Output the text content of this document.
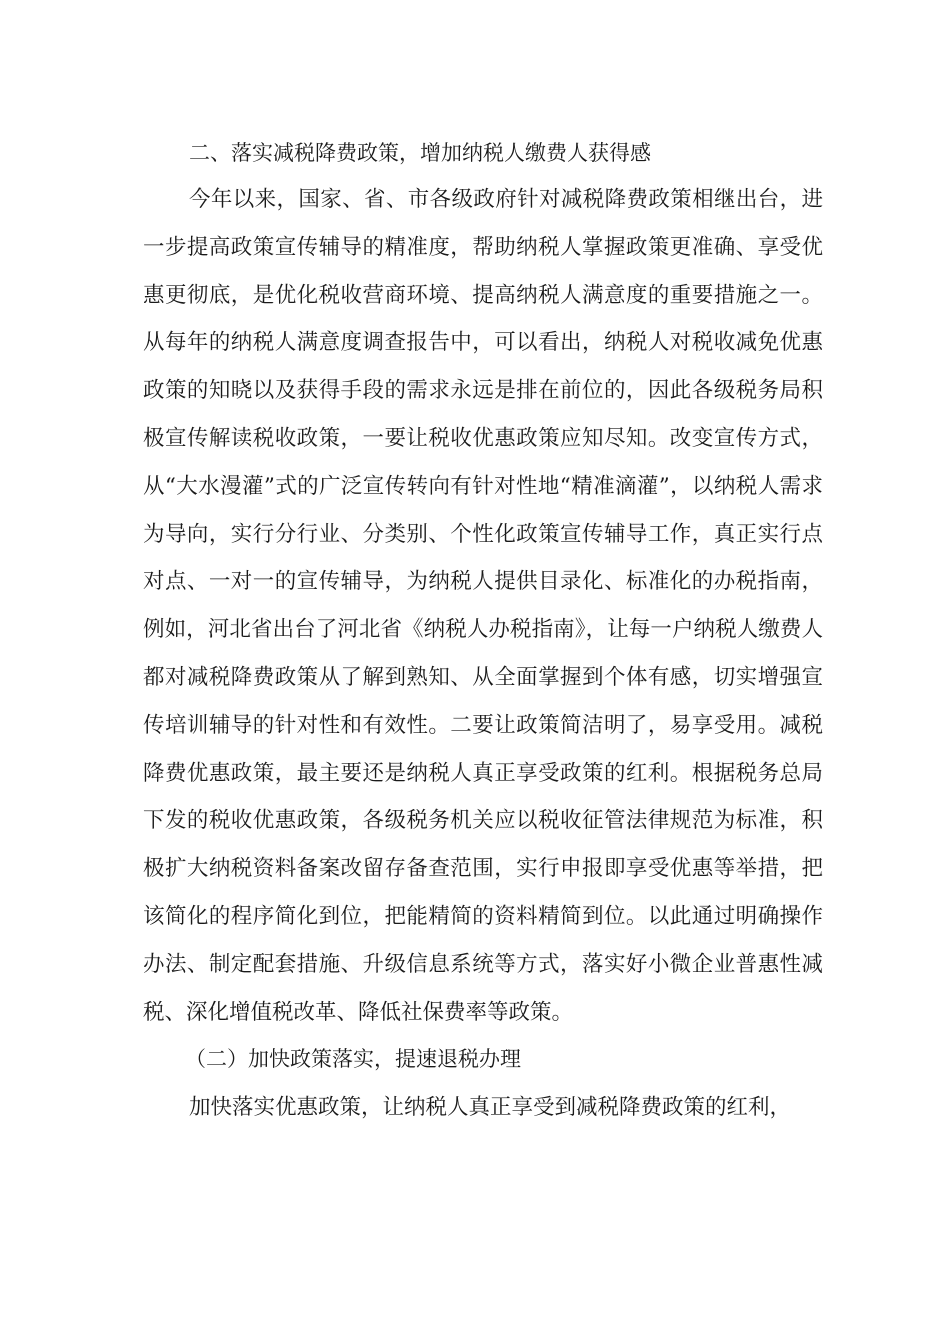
二、落实减税降费政策，增加纳税人缴费人获得感

今年以来，国家、省、市各级政府针对减税降费政策相继出台，进一步提高政策宣传辅导的精准度，帮助纳税人掌握政策更准确、享受优惠更彻底，是优化税收营商环境、提高纳税人满意度的重要措施之一。从每年的纳税人满意度调查报告中，可以看出，纳税人对税收减免优惠政策的知晓以及获得手段的需求永远是排在前位的，因此各级税务局积极宣传解读税收政策，一要让税收优惠政策应知尽知。改变宣传方式，从“大水漫灌”式的广泛宣传转向有针对性地“精准滴灌”，以纳税人需求为导向，实行分行业、分类别、个性化政策宣传辅导工作，真正实行点对点、一对一的宣传辅导，为纳税人提供目录化、标准化的办税指南，例如，河北省出台了河北省《纳税人办税指南》，让每一户纳税人缴费人都对减税降费政策从了解到熟知、从全面掌握到个体有感，切实增强宣传培训辅导的针对性和有效性。二要让政策简洁明了，易享受用。减税降费优惠政策，最主要还是纳税人真正享受政策的红利。根据税务总局下发的税收优惠政策，各级税务机关应以税收征管法律规范为标准，积极扩大纳税资料备案改留存备查范围，实行申报即享受优惠等举措，把该简化的程序简化到位，把能精简的资料精简到位。以此通过明确操作办法、制定配套措施、升级信息系统等方式，落实好小微企业普惠性减税、深化增值税改革、降低社保费率等政策。

（二）加快政策落实，提速退税办理

加快落实优惠政策，让纳税人真正享受到减税降费政策的红利，
